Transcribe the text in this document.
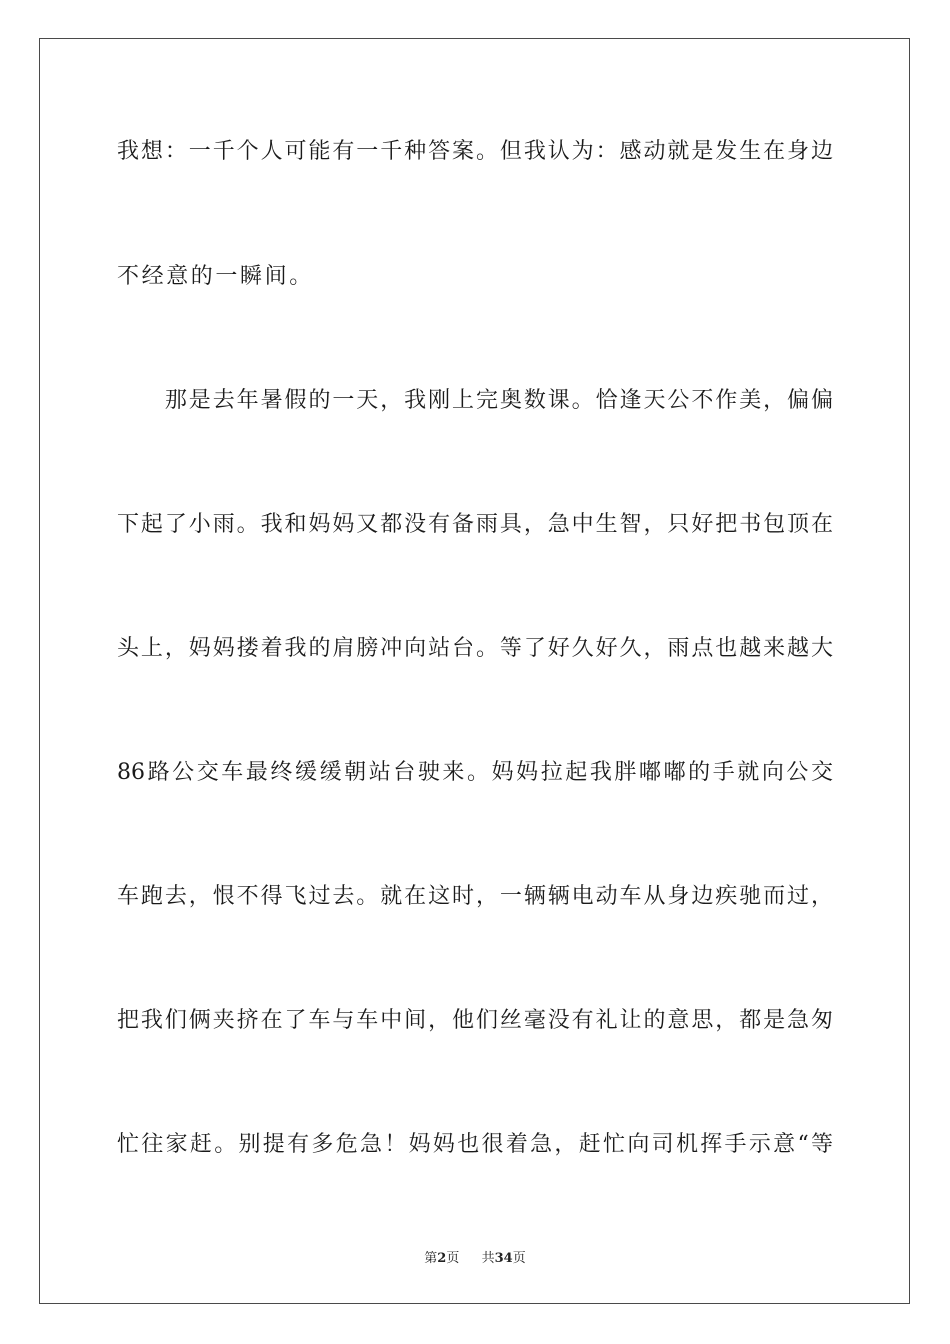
我想：一千个人可能有一千种答案。但我认为：感动就是发生在身边
不经意的一瞬间。
　　那是去年暑假的一天，我刚上完奥数课。恰逢天公不作美，偏偏
下起了小雨。我和妈妈又都没有备雨具，急中生智，只好把书包顶在
头上，妈妈搂着我的肩膀冲向站台。等了好久好久，雨点也越来越大
86路公交车最终缓缓朝站台驶来。妈妈拉起我胖嘟嘟的手就向公交
车跑去，恨不得飞过去。就在这时，一辆辆电动车从身边疾驰而过，
把我们俩夹挤在了车与车中间，他们丝毫没有礼让的意思，都是急匆
忙往家赶。别提有多危急！妈妈也很着急，赶忙向司机挥手示意“等
第2页 共34页
